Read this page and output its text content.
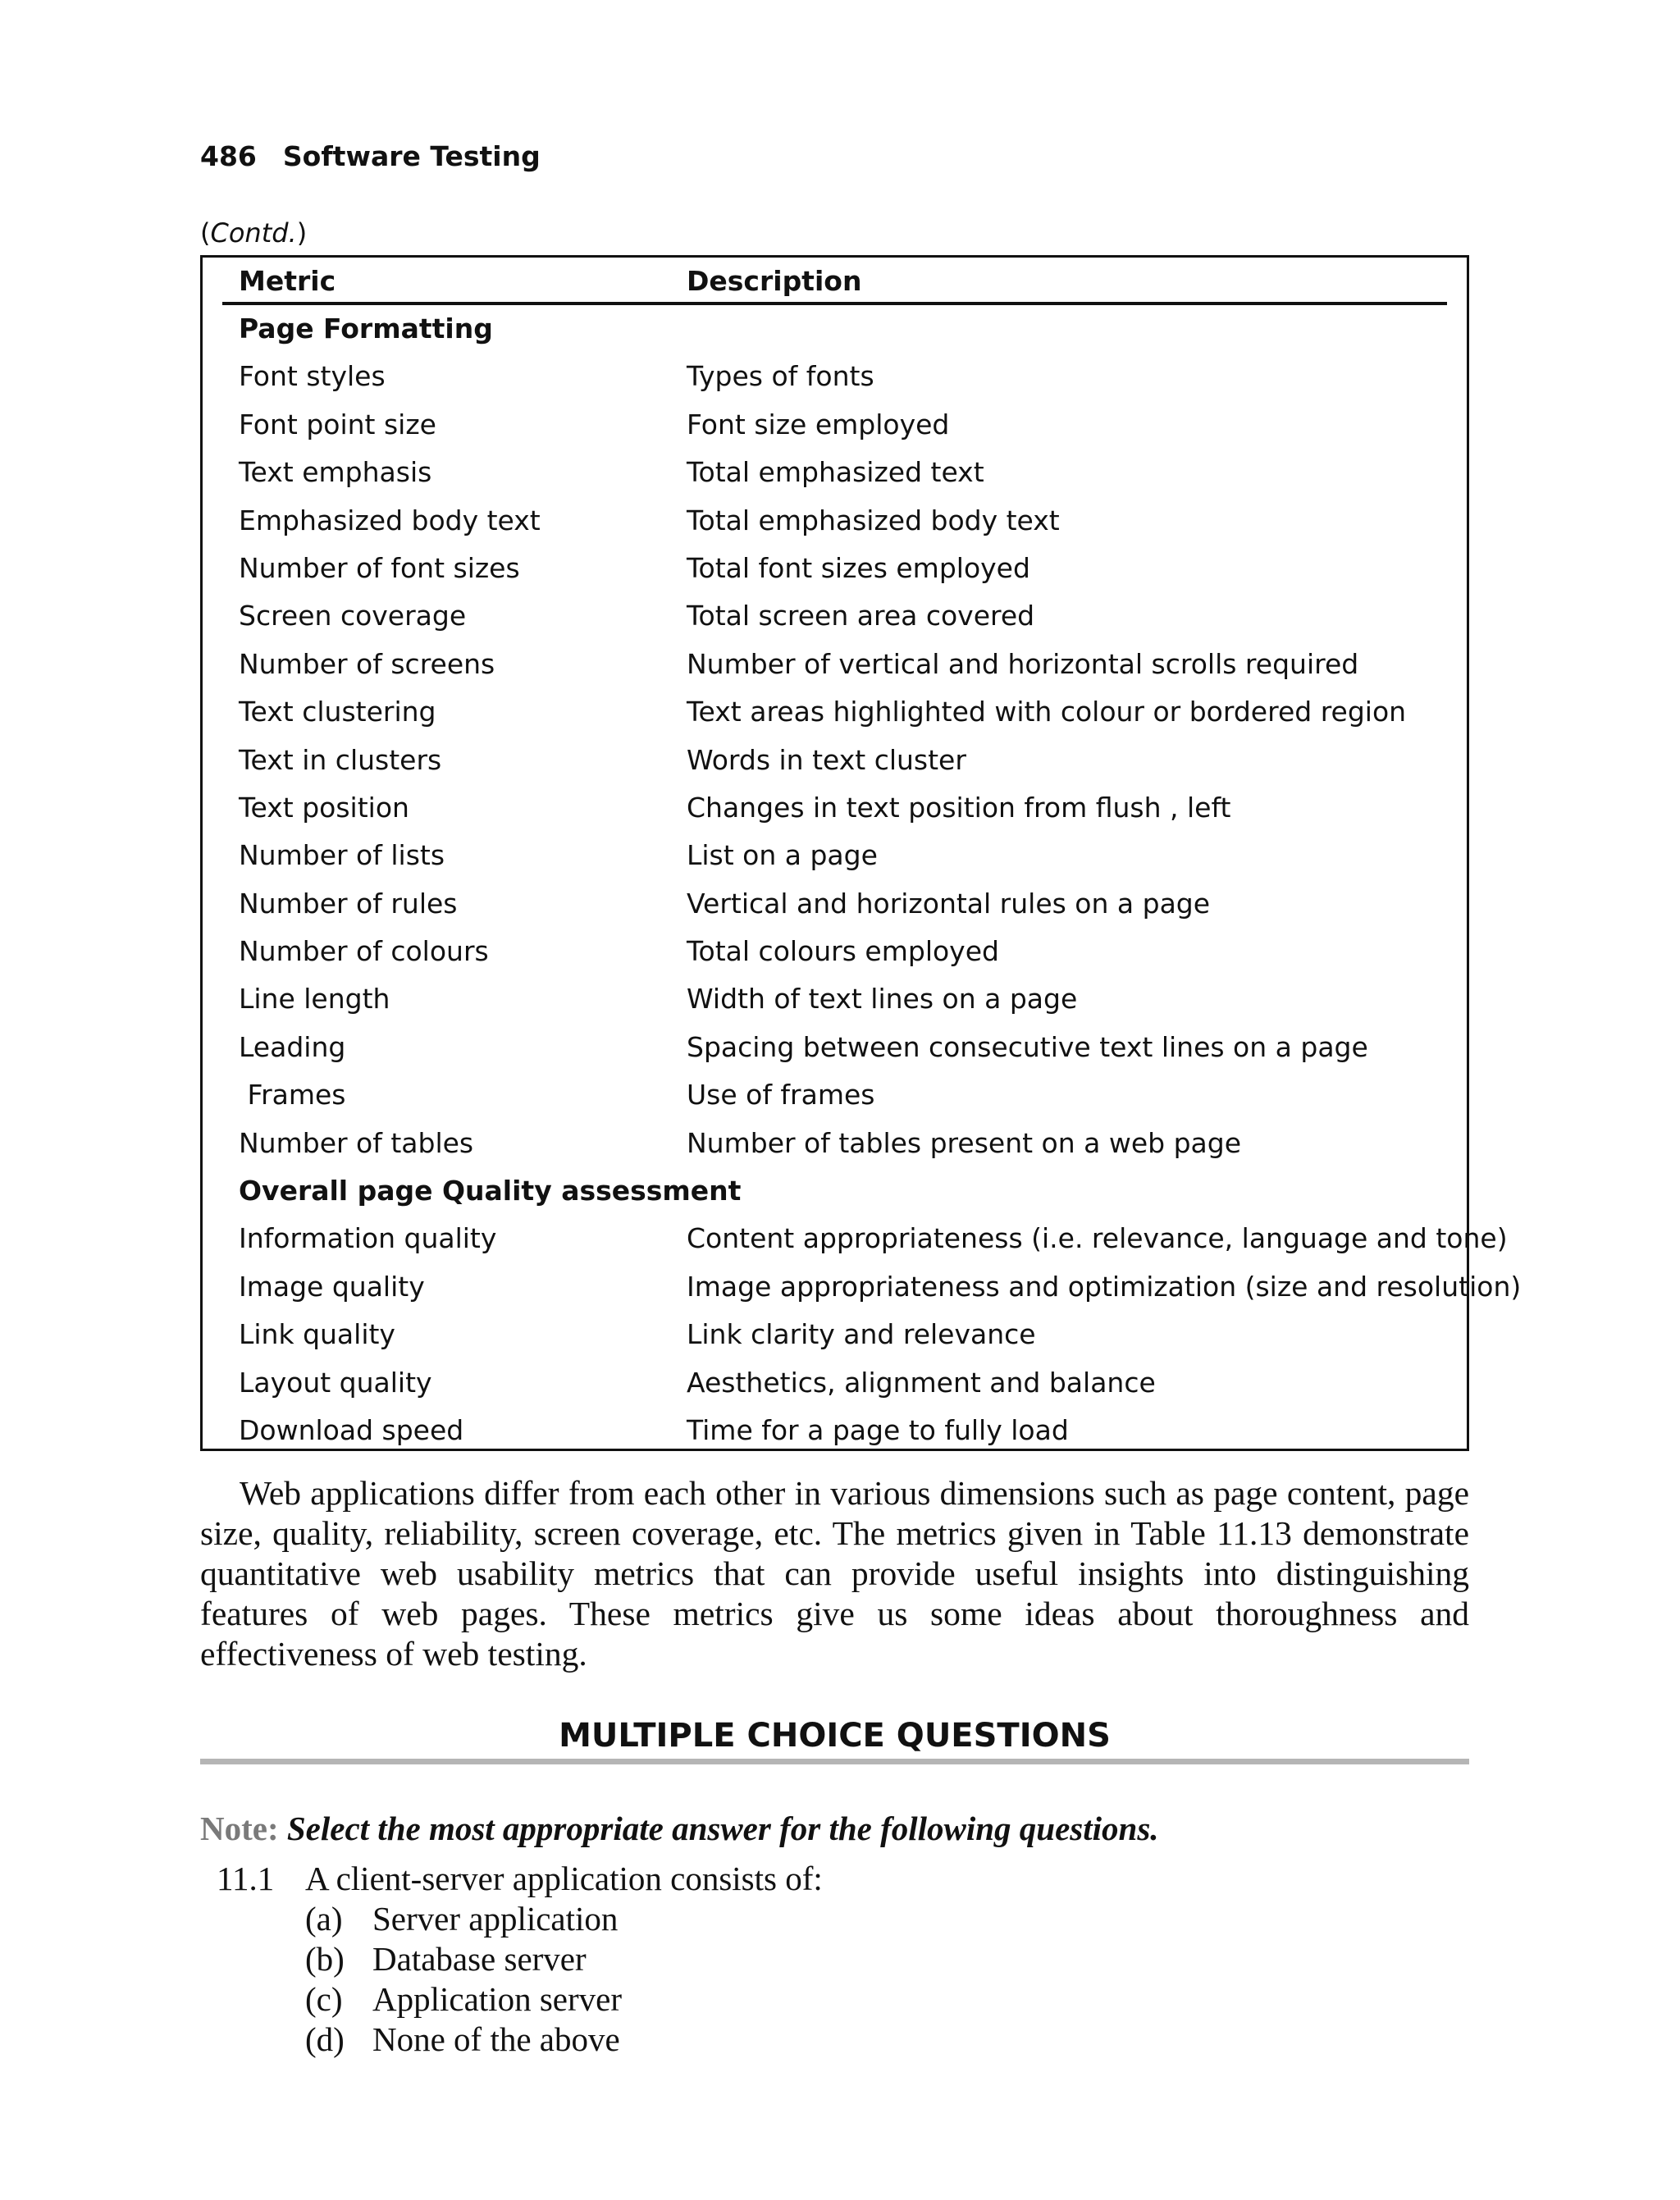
486 Software Testing
(Contd.)
Metric	Description
Page Formatting
Font styles	Types of fonts
Font point size	Font size employed
Text emphasis	Total emphasized text
Emphasized body text	Total emphasized body text
Number of font sizes	Total font sizes employed
Screen coverage	Total screen area covered
Number of screens	Number of vertical and horizontal scrolls required
Text clustering	Text areas highlighted with colour or bordered region
Text in clusters	Words in text cluster
Text position	Changes in text position from flush , left
Number of lists	List on a page
Number of rules	Vertical and horizontal rules on a page
Number of colours	Total colours employed
Line length	Width of text lines on a page
Leading	Spacing between consecutive text lines on a page
Frames	Use of frames
Number of tables	Number of tables present on a web page
Overall page Quality assessment
Information quality	Content appropriateness (i.e. relevance, language and tone)
Image quality	Image appropriateness and optimization (size and resolution)
Link quality	Link clarity and relevance
Layout quality	Aesthetics, alignment and balance
Download speed	Time for a page to fully load

Web applications differ from each other in various dimensions such as page content, page size, quality, reliability, screen coverage, etc. The metrics given in Table 11.13 demonstrate quantitative web usability metrics that can provide useful insights into distinguishing features of web pages. These metrics give us some ideas about thoroughness and effectiveness of web testing.

MULTIPLE CHOICE QUESTIONS
Note: Select the most appropriate answer for the following questions.
11.1 A client-server application consists of:
(a) Server application
(b) Database server
(c) Application server
(d) None of the above
